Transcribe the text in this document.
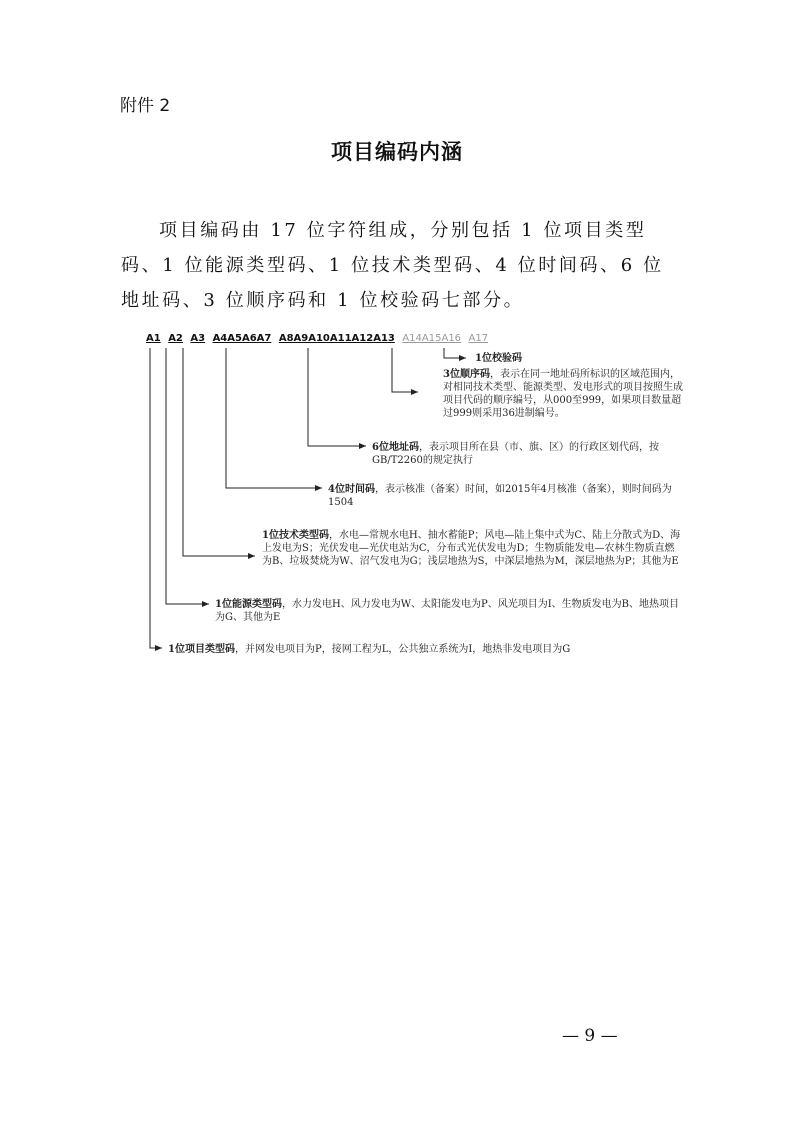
附件 2
项目编码内涵
项目编码由 17 位字符组成，分别包括 1 位项目类型码、1 位能源类型码、1 位技术类型码、4 位时间码、6 位地址码、3 位顺序码和 1 位校验码七部分。
A1 A2 A3 A4A5A6A7 A8A9A10A11A12A13 A14A15A16 A17
1位校验码
3位顺序码，表示在同一地址码所标识的区域范围内，对相同技术类型、能源类型、发电形式的项目按照生成项目代码的顺序编号，从000至999，如果项目数量超过999则采用36进制编号。
6位地址码，表示项目所在县（市、旗、区）的行政区划代码，按GB/T2260的规定执行
4位时间码，表示核准（备案）时间，如2015年4月核准（备案），则时间码为1504
1位技术类型码，水电—常规水电H、抽水蓄能P；风电—陆上集中式为C、陆上分散式为D、海上发电为S；光伏发电—光伏电站为C，分布式光伏发电为D；生物质能发电—农林生物质直燃为B、垃圾焚烧为W、沼气发电为G；浅层地热为S，中深层地热为M，深层地热为P；其他为E
1位能源类型码，水力发电H、风力发电为W、太阳能发电为P、风光项目为I、生物质发电为B、地热项目为G、其他为E
1位项目类型码，并网发电项目为P，接网工程为L，公共独立系统为I，地热非发电项目为G
— 9 —
